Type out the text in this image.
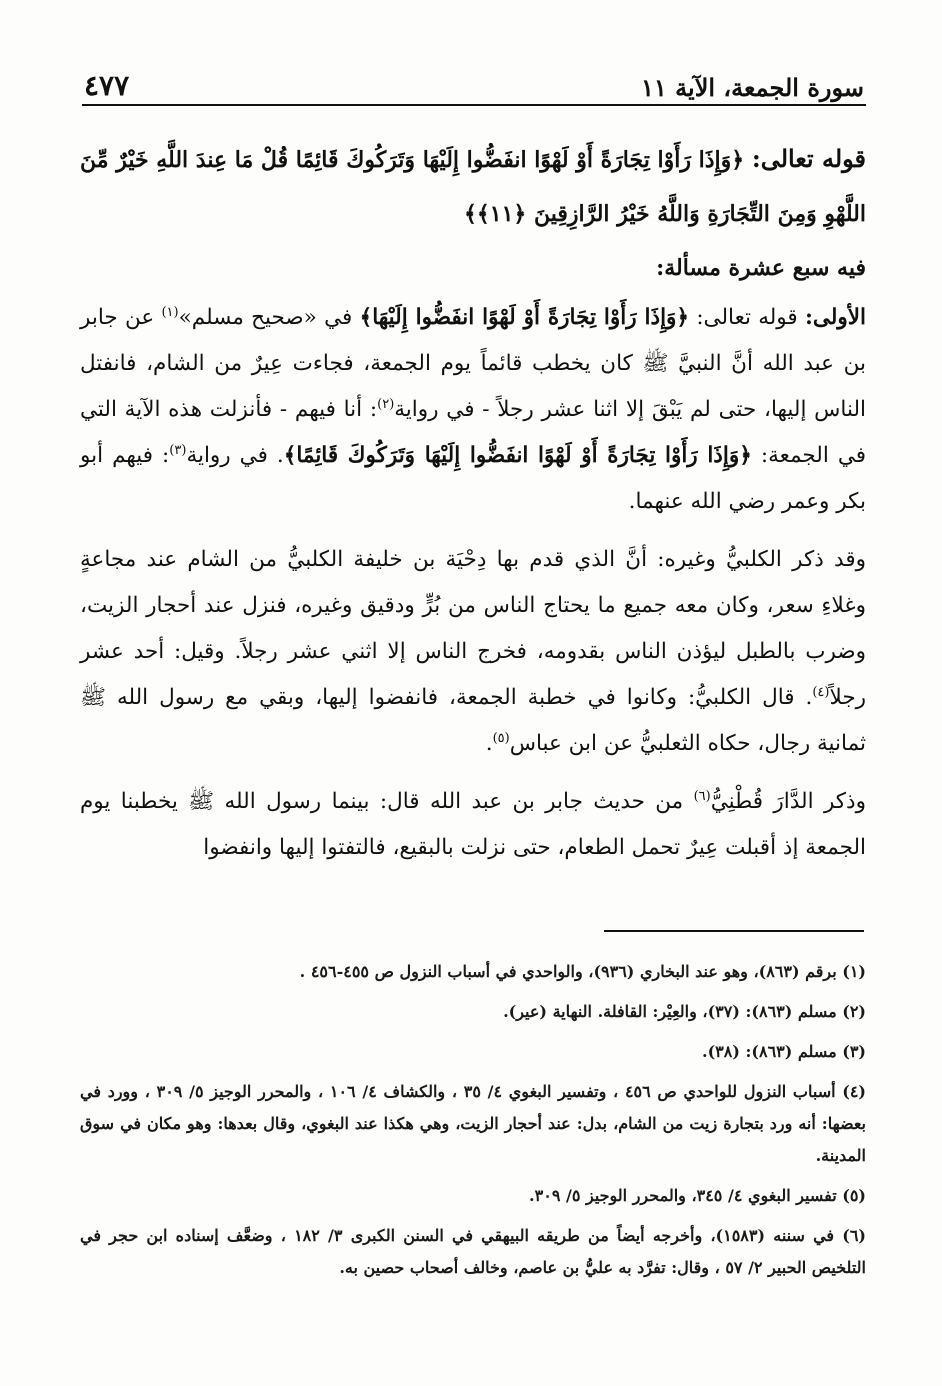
سورة الجمعة، الآية ١١
٤٧٧

قوله تعالى: ﴿وَإِذَا رَأَوْا تِجَارَةً أَوْ لَهْوًا انفَضُّوا إِلَيْهَا وَتَرَكُوكَ قَائِمًا قُلْ مَا عِندَ اللَّهِ خَيْرٌ مِّنَ اللَّهْوِ وَمِنَ التِّجَارَةِ وَاللَّهُ خَيْرُ الرَّازِقِينَ ﴿١١﴾﴾

فيه سبع عشرة مسألة:

الأولى: قوله تعالى: ﴿وَإِذَا رَأَوْا تِجَارَةً أَوْ لَهْوًا انفَضُّوا إِلَيْهَا﴾ في «صحيح مسلم»$^{(١)}$ عن جابر بن عبد الله أنَّ النبيَّ ﷺ كان يخطب قائماً يوم الجمعة، فجاءت عِيرٌ من الشام، فانفتل الناس إليها، حتى لم يَبْقَ إلا اثنا عشر رجلاً - في رواية$^{(٢)}$: أنا فيهم - فأنزلت هذه الآية التي في الجمعة: ﴿وَإِذَا رَأَوْا تِجَارَةً أَوْ لَهْوًا انفَضُّوا إِلَيْهَا وَتَرَكُوكَ قَائِمًا﴾. في رواية$^{(٣)}$: فيهم أبو بكر وعمر رضي الله عنهما.

وقد ذكر الكلبيُّ وغيره: أنَّ الذي قدم بها دِحْيَة بن خليفة الكلبيُّ من الشام عند مجاعةٍ وغلاءِ سعر، وكان معه جميع ما يحتاج الناس من بُرٍّ ودقيق وغيره، فنزل عند أحجار الزيت، وضرب بالطبل ليؤذن الناس بقدومه، فخرج الناس إلا اثني عشر رجلاً. وقيل: أحد عشر رجلاً$^{(٤)}$. قال الكلبيُّ: وكانوا في خطبة الجمعة، فانفضوا إليها، وبقي مع رسول الله ﷺ ثمانية رجال، حكاه الثعلبيُّ عن ابن عباس$^{(٥)}$.

وذكر الدَّارَ قُطْنِيُّ$^{(٦)}$ من حديث جابر بن عبد الله قال: بينما رسول الله ﷺ يخطبنا يوم الجمعة إذ أقبلت عِيرٌ تحمل الطعام، حتى نزلت بالبقيع، فالتفتوا إليها وانفضوا

(١) برقم (٨٦٣)، وهو عند البخاري (٩٣٦)، والواحدي في أسباب النزول ص ٤٥٥-٤٥٦ .

(٢) مسلم (٨٦٣): (٣٧)، والعِيْر: القافلة. النهاية (عير).

(٣) مسلم (٨٦٣): (٣٨).

(٤) أسباب النزول للواحدي ص ٤٥٦ ، وتفسير البغوي ٤/ ٣٥ ، والكشاف ٤/ ١٠٦ ، والمحرر الوجيز ٥/ ٣٠٩ ، وورد في بعضها: أنه ورد بتجارة زيت من الشام، بدل: عند أحجار الزيت، وهي هكذا عند البغوي، وقال بعدها: وهو مكان في سوق المدينة.

(٥) تفسير البغوي ٤/ ٣٤٥، والمحرر الوجيز ٥/ ٣٠٩.

(٦) في سننه (١٥٨٣)، وأخرجه أيضاً من طريقه البيهقي في السنن الكبرى ٣/ ١٨٢ ، وضعَّف إسناده ابن حجر في التلخيص الحبير ٢/ ٥٧ ، وقال: تفرَّد به عليُّ بن عاصم، وخالف أصحاب حصين به.
